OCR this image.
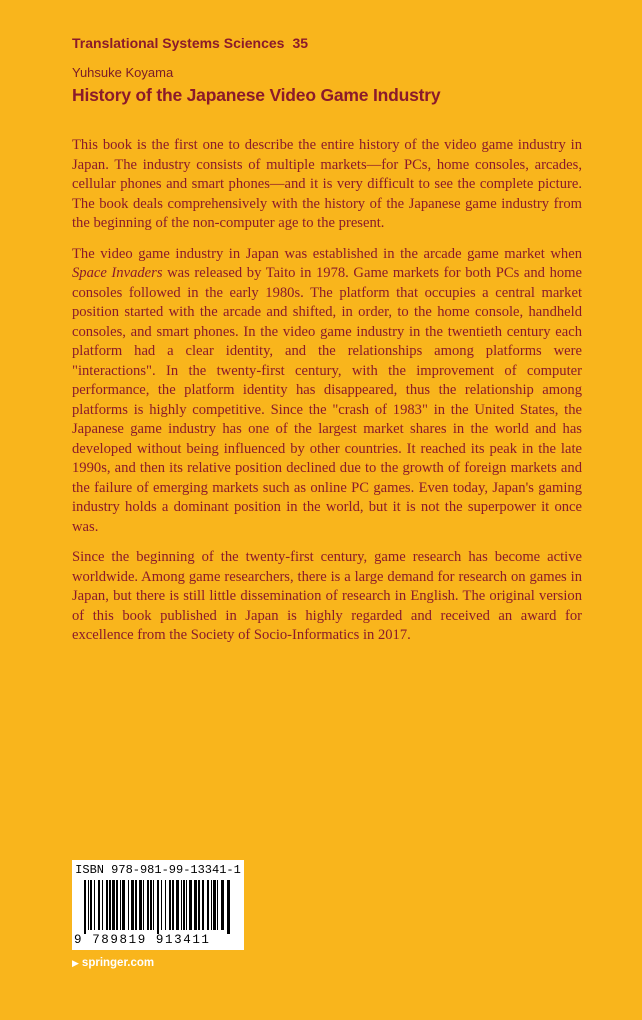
Translational Systems Sciences 35
Yuhsuke Koyama
History of the Japanese Video Game Industry

This book is the first one to describe the entire history of the video game industry in Japan. The industry consists of multiple markets—for PCs, home consoles, arcades, cellular phones and smart phones—and it is very difficult to see the complete picture. The book deals comprehensively with the history of the Japanese game industry from the beginning of the non-computer age to the present.

The video game industry in Japan was established in the arcade game market when Space Invaders was released by Taito in 1978. Game markets for both PCs and home consoles followed in the early 1980s. The platform that occupies a central market position started with the arcade and shifted, in order, to the home console, handheld consoles, and smart phones. In the video game industry in the twentieth century each platform had a clear identity, and the relationships among platforms were "interactions". In the twenty-first century, with the improvement of computer performance, the platform identity has disappeared, thus the relationship among platforms is highly competitive. Since the "crash of 1983" in the United States, the Japanese game industry has one of the largest market shares in the world and has developed without being influenced by other countries. It reached its peak in the late 1990s, and then its relative position declined due to the growth of foreign markets and the failure of emerging markets such as online PC games. Even today, Japan's gaming industry holds a dominant position in the world, but it is not the superpower it once was.

Since the beginning of the twenty-first century, game research has become active worldwide. Among game researchers, there is a large demand for research on games in Japan, but there is still little dissemination of research in English. The original version of this book published in Japan is highly regarded and received an award for excellence from the Society of Socio-Informatics in 2017.

ISBN 978-981-99-13341-1
9 789819 913411
▶ springer.com
